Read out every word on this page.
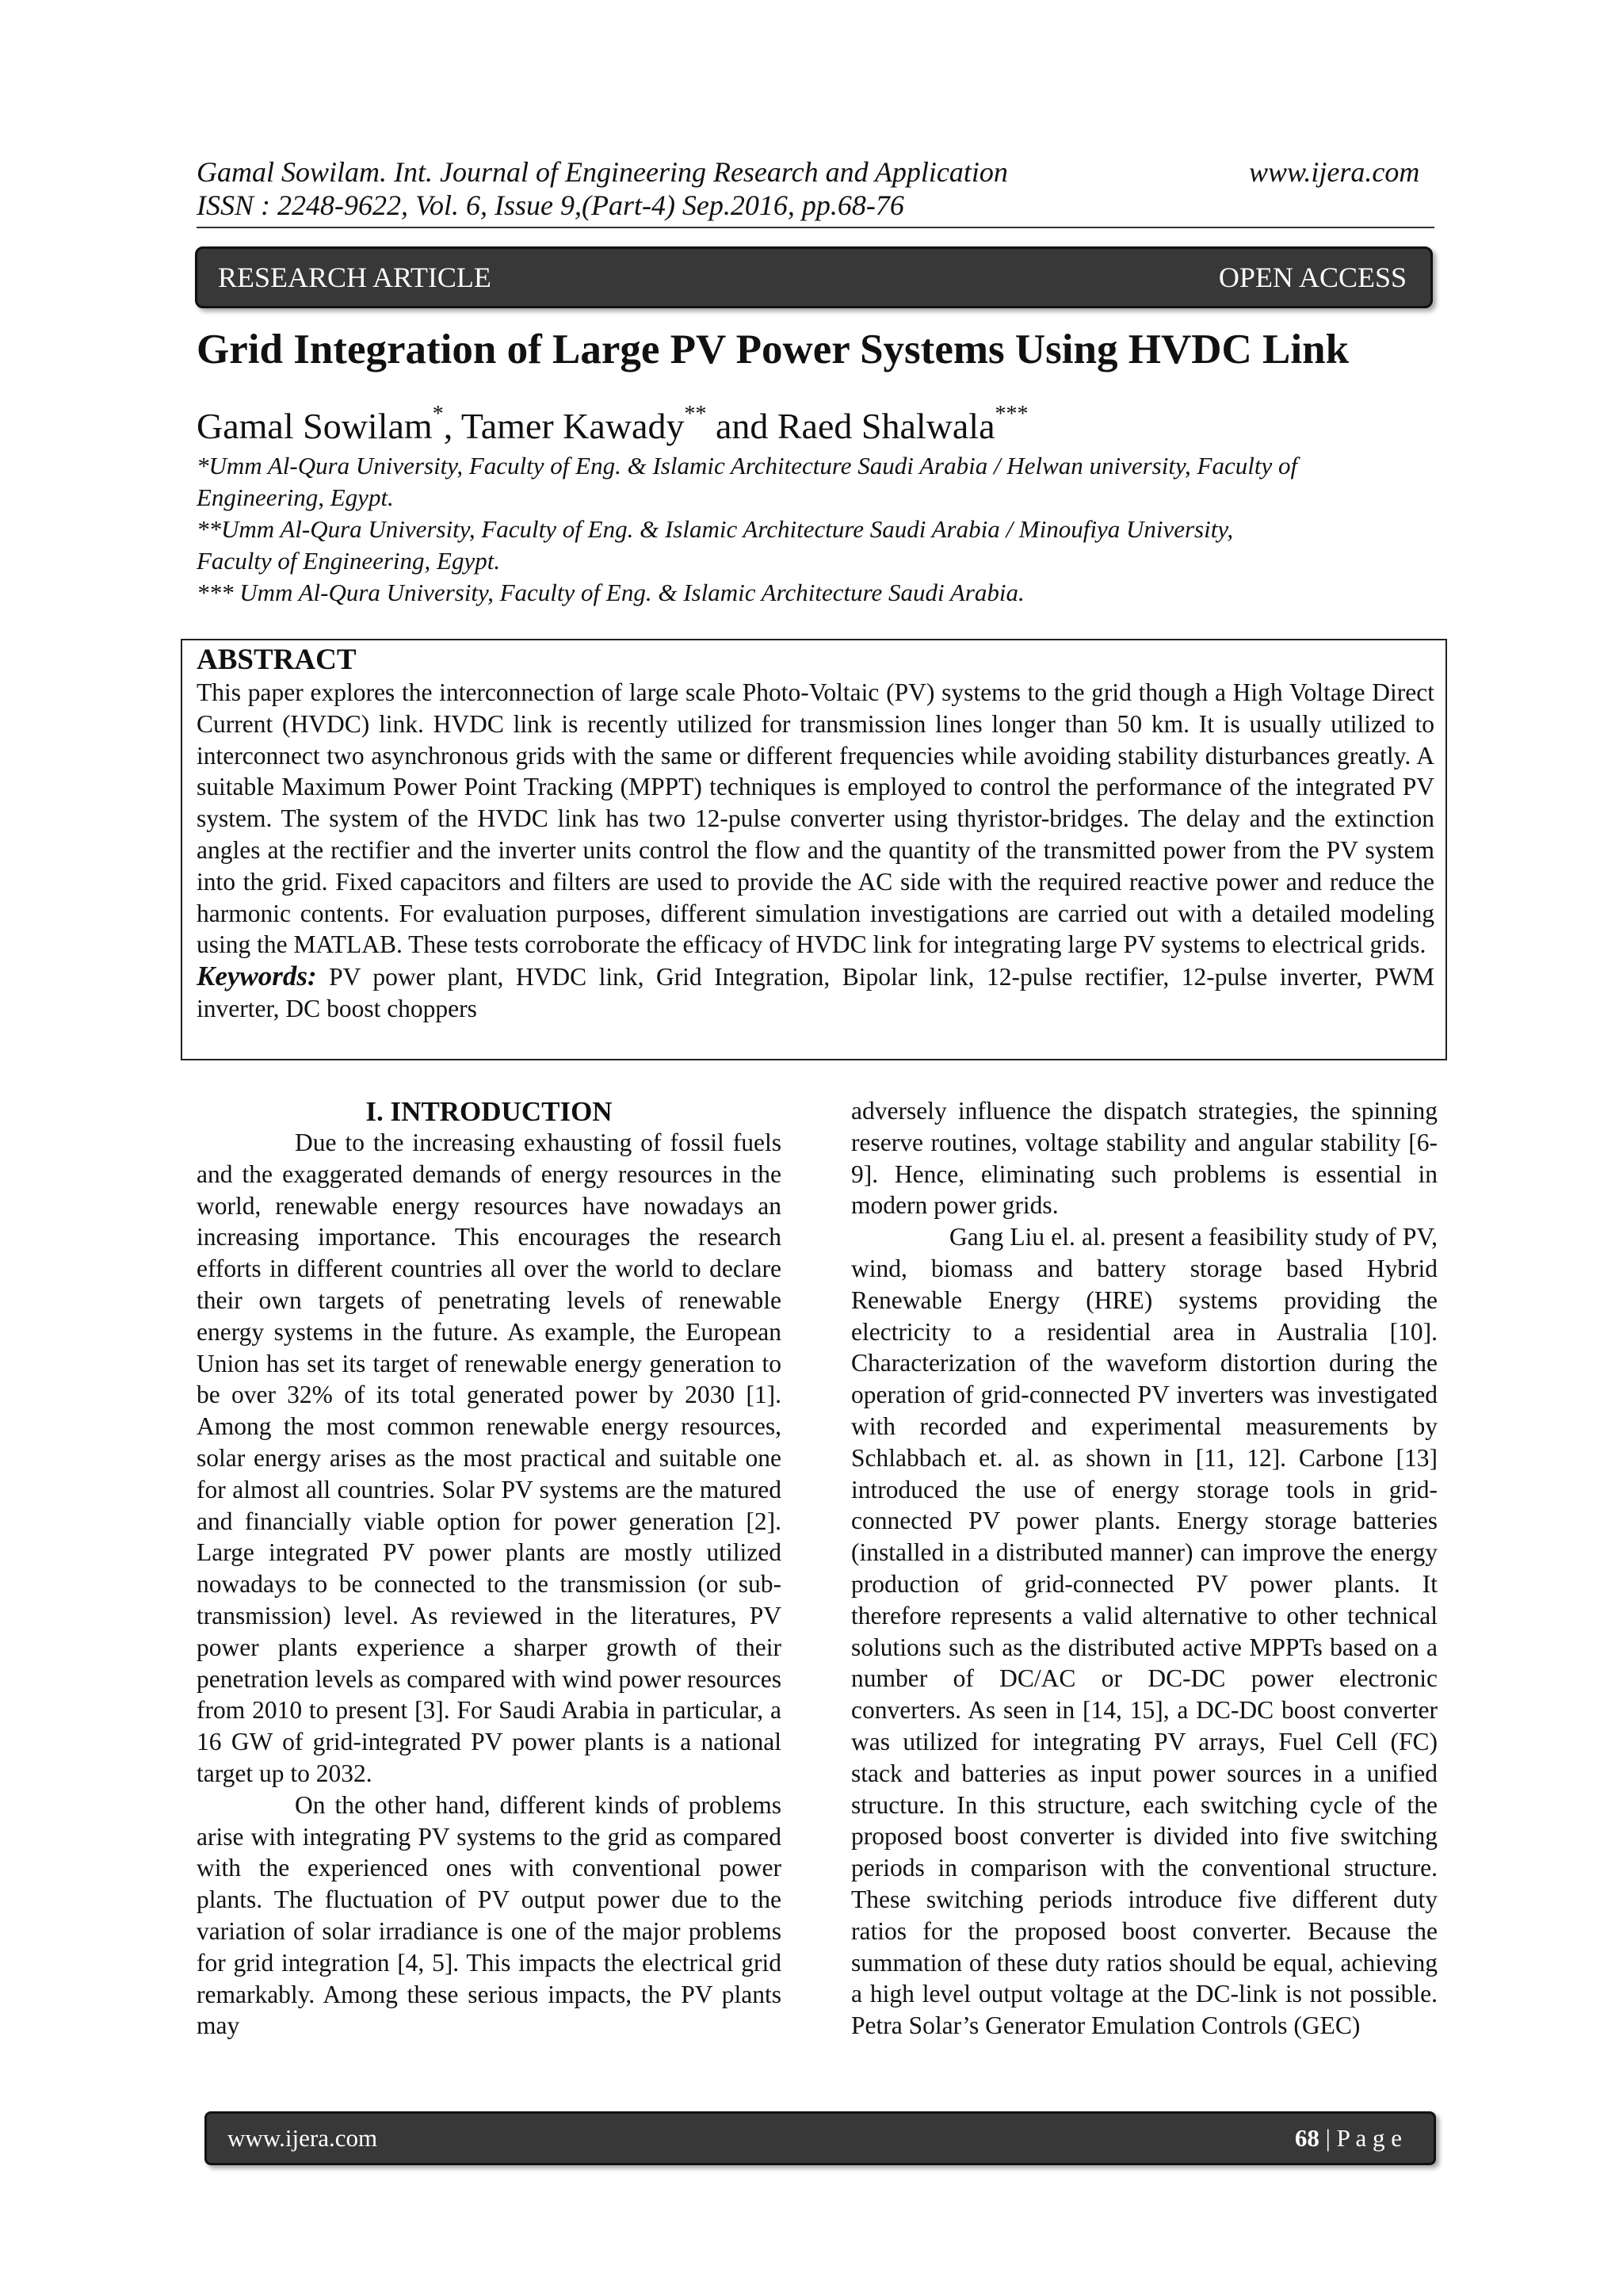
Gamal Sowilam. Int. Journal of Engineering Research and Application	www.ijera.com
ISSN : 2248-9622, Vol. 6, Issue 9,(Part-4) Sep.2016, pp.68-76
RESEARCH ARTICLE	OPEN ACCESS
Grid Integration of Large PV Power Systems Using HVDC Link
Gamal Sowilam*, Tamer Kawady** and Raed Shalwala***
*Umm Al-Qura University, Faculty of Eng. & Islamic Architecture Saudi Arabia / Helwan university, Faculty of
Engineering, Egypt.
**Umm Al-Qura University, Faculty of Eng. & Islamic Architecture Saudi Arabia / Minoufiya University,
Faculty of Engineering, Egypt.
*** Umm Al-Qura University, Faculty of Eng. & Islamic Architecture Saudi Arabia.
ABSTRACT

This paper explores the interconnection of large scale Photo-Voltaic (PV) systems to the grid though a High Voltage Direct Current (HVDC) link. HVDC link is recently utilized for transmission lines longer than 50 km. It is usually utilized to interconnect two asynchronous grids with the same or different frequencies while avoiding stability disturbances greatly. A suitable Maximum Power Point Tracking (MPPT) techniques is employed to control the performance of the integrated PV system. The system of the HVDC link has two 12-pulse converter using thyristor-bridges. The delay and the extinction angles at the rectifier and the inverter units control the flow and the quantity of the transmitted power from the PV system into the grid. Fixed capacitors and filters are used to provide the AC side with the required reactive power and reduce the harmonic contents. For evaluation purposes, different simulation investigations are carried out with a detailed modeling using the MATLAB. These tests corroborate the efficacy of HVDC link for integrating large PV systems to electrical grids.
Keywords: PV power plant, HVDC link, Grid Integration, Bipolar link, 12-pulse rectifier, 12-pulse inverter, PWM inverter, DC boost choppers

I. INTRODUCTION

Due to the increasing exhausting of fossil fuels and the exaggerated demands of energy resources in the world, renewable energy resources have nowadays an increasing importance. This encourages the research efforts in different countries all over the world to declare their own targets of penetrating levels of renewable energy systems in the future. As example, the European Union has set its target of renewable energy generation to be over 32% of its total generated power by 2030 [1]. Among the most common renewable energy resources, solar energy arises as the most practical and suitable one for almost all countries. Solar PV systems are the matured and financially viable option for power generation [2]. Large integrated PV power plants are mostly utilized nowadays to be connected to the transmission (or sub-transmission) level. As reviewed in the literatures, PV power plants experience a sharper growth of their penetration levels as compared with wind power resources from 2010 to present [3]. For Saudi Arabia in particular, a 16 GW of grid-integrated PV power plants is a national target up to 2032.

On the other hand, different kinds of problems arise with integrating PV systems to the grid as compared with the experienced ones with conventional power plants. The fluctuation of PV output power due to the variation of solar irradiance is one of the major problems for grid integration [4, 5]. This impacts the electrical grid remarkably. Among these serious impacts, the PV plants may

adversely influence the dispatch strategies, the spinning reserve routines, voltage stability and angular stability [6-9]. Hence, eliminating such problems is essential in modern power grids.

Gang Liu el. al. present a feasibility study of PV, wind, biomass and battery storage based Hybrid Renewable Energy (HRE) systems providing the electricity to a residential area in Australia [10]. Characterization of the waveform distortion during the operation of grid-connected PV inverters was investigated with recorded and experimental measurements by Schlabbach et. al. as shown in [11, 12]. Carbone [13] introduced the use of energy storage tools in grid-connected PV power plants. Energy storage batteries (installed in a distributed manner) can improve the energy production of grid-connected PV power plants. It therefore represents a valid alternative to other technical solutions such as the distributed active MPPTs based on a number of DC/AC or DC-DC power electronic converters. As seen in [14, 15], a DC-DC boost converter was utilized for integrating PV arrays, Fuel Cell (FC) stack and batteries as input power sources in a unified structure. In this structure, each switching cycle of the proposed boost converter is divided into five switching periods in comparison with the conventional structure. These switching periods introduce five different duty ratios for the proposed boost converter. Because the summation of these duty ratios should be equal, achieving a high level output voltage at the DC-link is not possible. Petra Solar’s Generator Emulation Controls (GEC)

www.ijera.com	68 | P a g e
